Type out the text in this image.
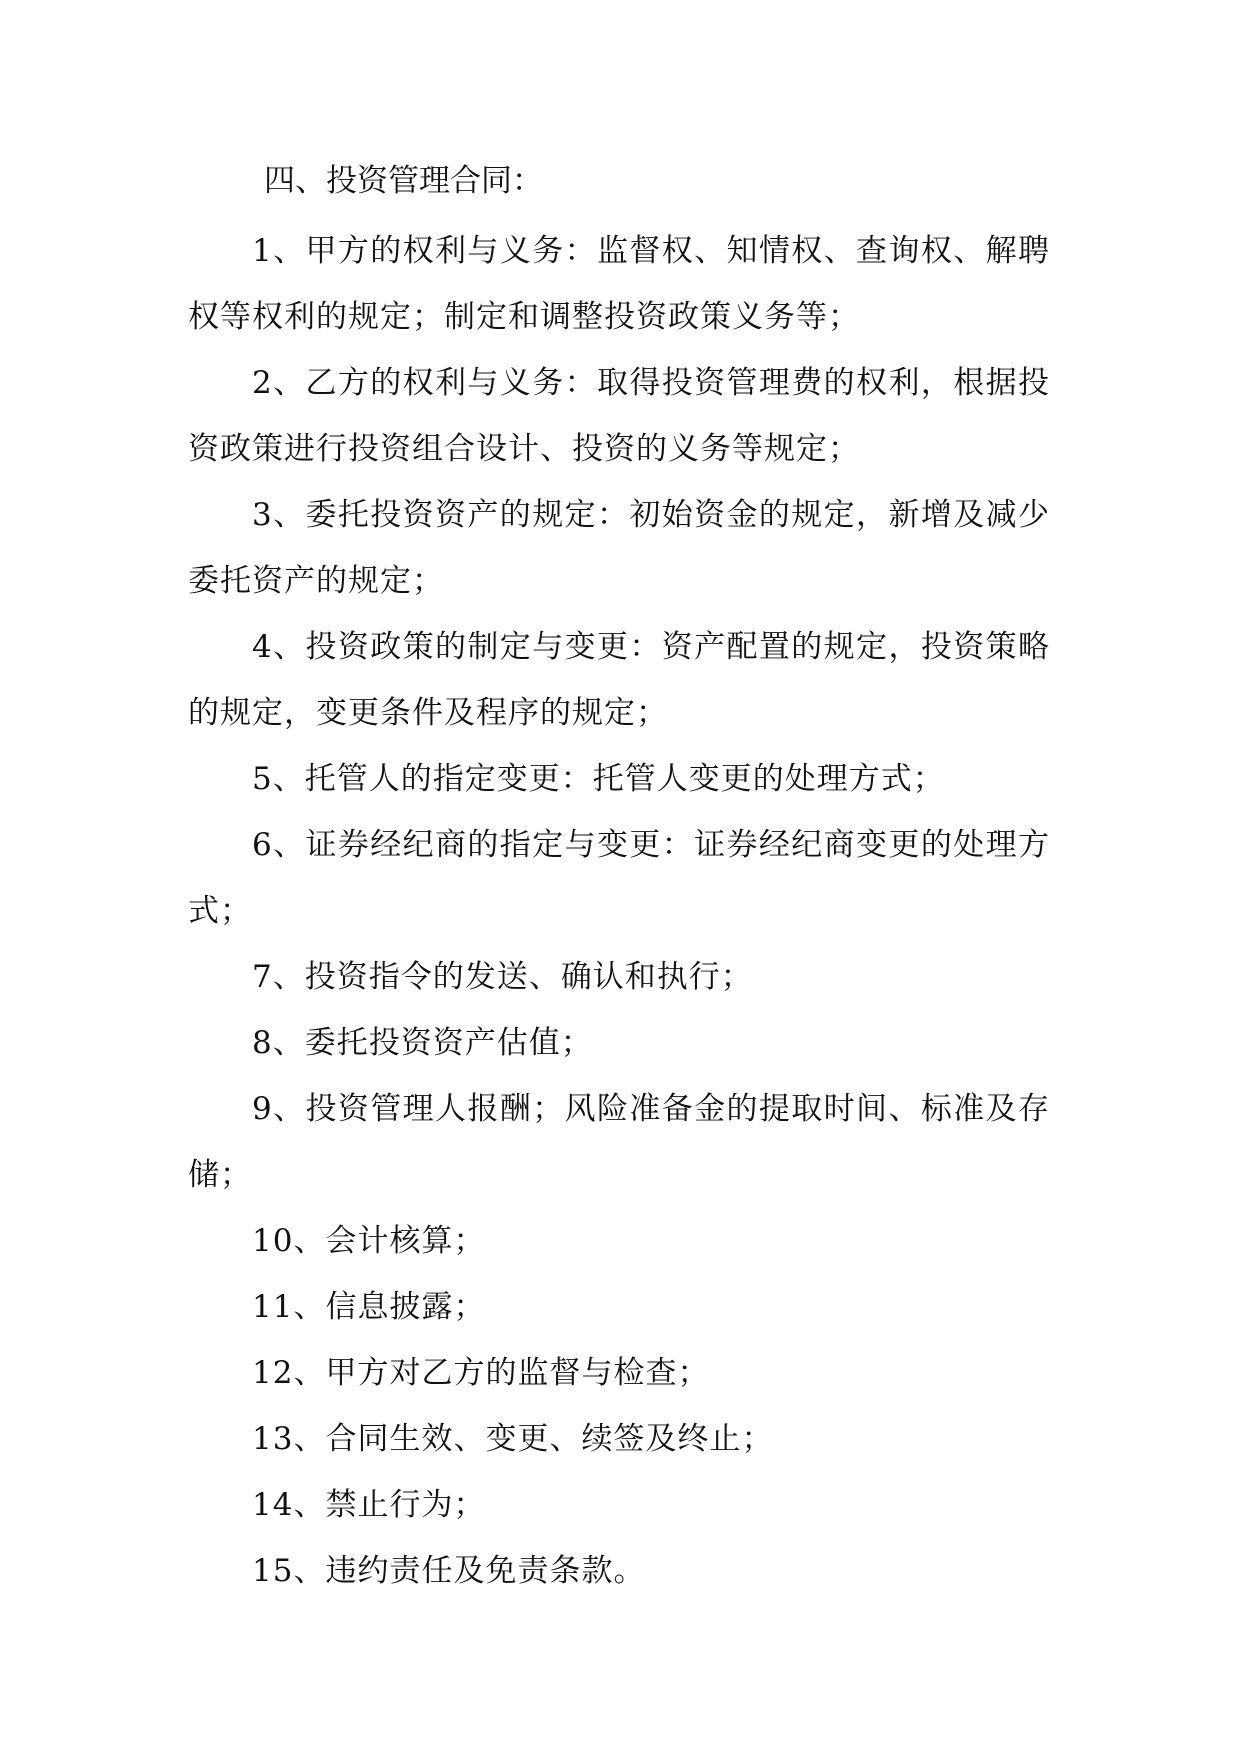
四、投资管理合同：

1、甲方的权利与义务：监督权、知情权、查询权、解聘权等权利的规定；制定和调整投资政策义务等；

2、乙方的权利与义务：取得投资管理费的权利，根据投资政策进行投资组合设计、投资的义务等规定；

3、委托投资资产的规定：初始资金的规定，新增及减少委托资产的规定；

4、投资政策的制定与变更：资产配置的规定，投资策略的规定，变更条件及程序的规定；

5、托管人的指定变更：托管人变更的处理方式；

6、证券经纪商的指定与变更：证券经纪商变更的处理方式；

7、投资指令的发送、确认和执行；

8、委托投资资产估值；

9、投资管理人报酬；风险准备金的提取时间、标准及存储；

10、会计核算；

11、信息披露；

12、甲方对乙方的监督与检查；

13、合同生效、变更、续签及终止；

14、禁止行为；

15、违约责任及免责条款。
